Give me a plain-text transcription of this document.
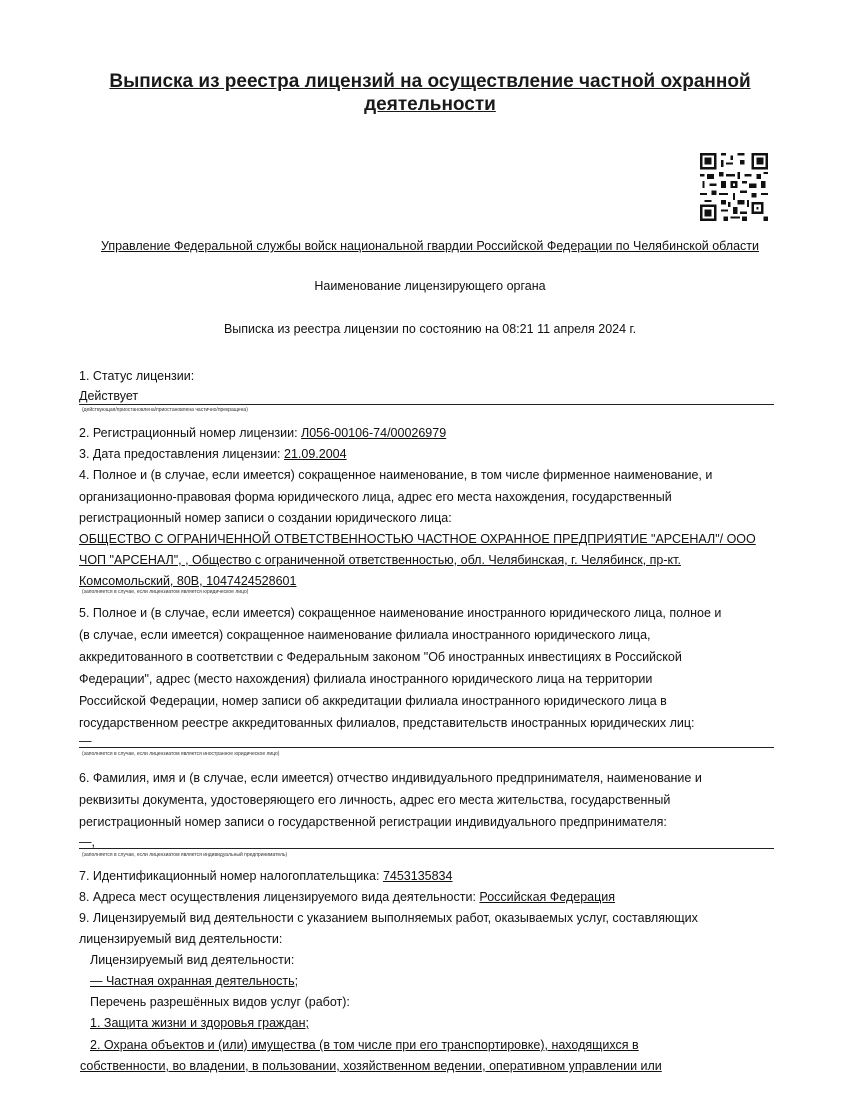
Выписка из реестра лицензий на осуществление частной охранной деятельности
Управление Федеральной службы войск национальной гвардии Российской Федерации по Челябинской области
Наименование лицензирующего органа
Выписка из реестра лицензии по состоянию на 08:21 11 апреля 2024 г.
1. Статус лицензии:
Действует
(действующая/приостановлена/приостановлена частично/прекращена)
2. Регистрационный номер лицензии: Л056-00106-74/00026979
3. Дата предоставления лицензии: 21.09.2004
4. Полное и (в случае, если имеется) сокращенное наименование, в том числе фирменное наименование, и
организационно-правовая форма юридического лица, адрес его места нахождения, государственный
регистрационный номер записи о создании юридического лица:
ОБЩЕСТВО С ОГРАНИЧЕННОЙ ОТВЕТСТВЕННОСТЬЮ ЧАСТНОЕ ОХРАННОЕ ПРЕДПРИЯТИЕ "АРСЕНАЛ"/ ООО
ЧОП "АРСЕНАЛ", , Общество с ограниченной ответственностью, обл. Челябинская, г. Челябинск, пр-кт.
Комсомольский, 80В, 1047424528601
(заполняется в случае, если лицензиатом является юридическое лицо)
5. Полное и (в случае, если имеется) сокращенное наименование иностранного юридического лица, полное и
(в случае, если имеется) сокращенное наименование филиала иностранного юридического лица,
аккредитованного в соответствии с Федеральным законом "Об иностранных инвестициях в Российской
Федерации", адрес (место нахождения) филиала иностранного юридического лица на территории
Российской Федерации, номер записи об аккредитации филиала иностранного юридического лица в
государственном реестре аккредитованных филиалов, представительств иностранных юридических лиц:
—
(заполняется в случае, если лицензиатом является иностранное юридическое лицо)
6. Фамилия, имя и (в случае, если имеется) отчество индивидуального предпринимателя, наименование и
реквизиты документа, удостоверяющего его личность, адрес его места жительства, государственный
регистрационный номер записи о государственной регистрации индивидуального предпринимателя:
—,
(заполняется в случае, если лицензиатом является индивидуальный предприниматель)
7. Идентификационный номер налогоплательщика: 7453135834
8. Адреса мест осуществления лицензируемого вида деятельности: Российская Федерация
9. Лицензируемый вид деятельности с указанием выполняемых работ, оказываемых услуг, составляющих
лицензируемый вид деятельности:
Лицензируемый вид деятельности:
— Частная охранная деятельность;
Перечень разрешённых видов услуг (работ):
1. Защита жизни и здоровья граждан;
2. Охрана объектов и (или) имущества (в том числе при его транспортировке), находящихся в
собственности, во владении, в пользовании, хозяйственном ведении, оперативном управлении или
